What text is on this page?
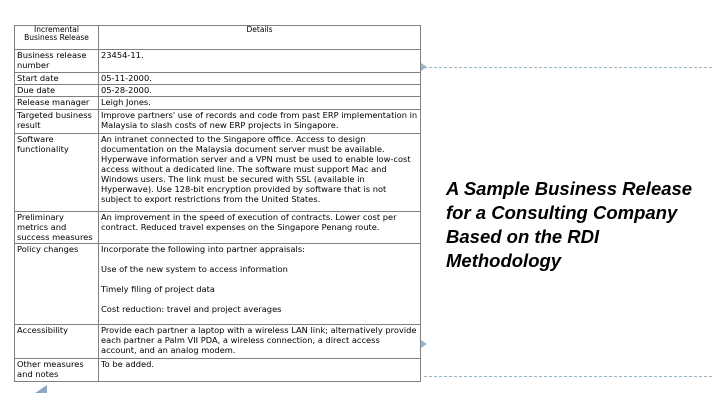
Incremental Business Release	Details
Business release number	23454-11.
Start date	05-11-2000.
Due date	05-28-2000.
Release manager	Leigh Jones.
Targeted business result	Improve partners' use of records and code from past ERP implementation in Malaysia to slash costs of new ERP projects in Singapore.
Software functionality	An intranet connected to the Singapore office. Access to design documentation on the Malaysia document server must be available. Hyperwave information server and a VPN must be used to enable low-cost access without a dedicated line. The software must support Mac and Windows users. The link must be secured with SSL (available in Hyperwave). Use 128-bit encryption provided by software that is not subject to export restrictions from the United States.
Preliminary metrics and success measures	An improvement in the speed of execution of contracts. Lower cost per contract. Reduced travel expenses on the Singapore Penang route.
Policy changes	Incorporate the following into partner appraisals:
Use of the new system to access information
Timely filing of project data
Cost reduction: travel and project averages

Accessibility	Provide each partner a laptop with a wireless LAN link; alternatively provide each partner a Palm VII PDA, a wireless connection, a direct access account, and an analog modem.
Other measures and notes	To be added.
A Sample Business Release for a Consulting Company Based on the RDI Methodology
